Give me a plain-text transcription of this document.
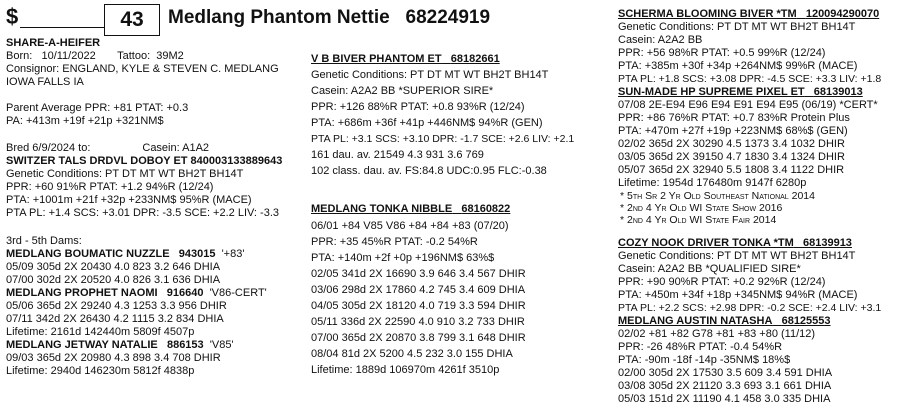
$	43	Medlang Phantom Nettie 68224919
SHARE-A-HEIFER
Born: 10/11/2022 Tattoo: 39M2
Consignor: ENGLAND, KYLE & STEVEN C. MEDLANG
IOWA FALLS IA
Parent Average PPR: +81 PTAT: +0.3
PA: +413m +19f +21p +321NM$
Bred 6/9/2024 to:	Casein: A1A2
SWITZER TALS DRDVL DOBOY ET 840003133889643
Genetic Conditions: PT DT MT WT BH2T BH14T
PPR: +60 91%R PTAT: +1.2 94%R (12/24)
PTA: +1001m +21f +32p +233NM$ 95%R (MACE)
PTA PL: +1.4 SCS: +3.01 DPR: -3.5 SCE: +2.2 LIV: -3.3
3rd - 5th Dams:
MEDLANG BOUMATIC NUZZLE 943015 '+83'
05/09 305d 2X 20430 4.0 823 3.2 646 DHIA
07/00 302d 2X 20520 4.0 826 3.1 636 DHIA
MEDLANG PROPHET NAOMI 916640 'V86-CERT'
05/06 365d 2X 29240 4.3 1253 3.3 956 DHIR
07/11 342d 2X 26430 4.2 1115 3.2 834 DHIA
Lifetime: 2161d 142440m 5809f 4507p
MEDLANG JETWAY NATALIE 886153 'V85'
09/03 365d 2X 20980 4.3 898 3.4 708 DHIR
Lifetime: 2940d 146230m 5812f 4838p
V B BIVER PHANTOM ET 68182661
Genetic Conditions: PT DT MT WT BH2T BH14T
Casein: A2A2 BB *SUPERIOR SIRE*
PPR: +126 88%R PTAT: +0.8 93%R (12/24)
PTA: +686m +36f +41p +446NM$ 94%R (GEN)
PTA PL: +3.1 SCS: +3.10 DPR: -1.7 SCE: +2.6 LIV: +2.1
161 dau. av. 21549 4.3 931 3.6 769
102 class. dau. av. FS:84.8 UDC:0.95 FLC:-0.38
MEDLANG TONKA NIBBLE 68160822
06/01 +84 V85 V86 +84 +84 +83 (07/20)
PPR: +35 45%R PTAT: -0.2 54%R
PTA: +140m +2f +0p +196NM$ 63%$
02/05 341d 2X 16690 3.9 646 3.4 567 DHIR
03/06 298d 2X 17860 4.2 745 3.4 609 DHIA
04/05 305d 2X 18120 4.0 719 3.3 594 DHIR
05/11 336d 2X 22590 4.0 910 3.2 733 DHIR
07/00 365d 2X 20870 3.8 799 3.1 648 DHIR
08/04 81d 2X 5200 4.5 232 3.0 155 DHIA
Lifetime: 1889d 106970m 4261f 3510p
SCHERMA BLOOMING BIVER *TM 120094290070
Genetic Conditions: PT DT MT WT BH2T BH14T
Casein: A2A2 BB
PPR: +56 98%R PTAT: +0.5 99%R (12/24)
PTA: +385m +30f +34p +264NM$ 99%R (MACE)
PTA PL: +1.8 SCS: +3.08 DPR: -4.5 SCE: +3.3 LIV: +1.8
SUN-MADE HP SUPREME PIXEL ET 68139013
07/08 2E-E94 E96 E94 E91 E94 E95 (06/19) *CERT*
PPR: +86 76%R PTAT: +0.7 83%R Protein Plus
PTA: +470m +27f +19p +223NM$ 68%$ (GEN)
02/02 365d 2X 30290 4.5 1373 3.4 1032 DHIR
03/05 365d 2X 39150 4.7 1830 3.4 1324 DHIR
05/07 365d 2X 32940 5.5 1808 3.4 1122 DHIR
Lifetime: 1954d 176480m 9147f 6280p
* 5th Sr 2 Yr Old Southeast National 2014
* 2nd 4 Yr Old WI State Show 2016
* 2nd 4 Yr Old WI State Fair 2014
COZY NOOK DRIVER TONKA *TM 68139913
Genetic Conditions: PT DT MT WT BH2T BH14T
Casein: A2A2 BB *QUALIFIED SIRE*
PPR: +90 90%R PTAT: +0.2 92%R (12/24)
PTA: +450m +34f +18p +345NM$ 94%R (MACE)
PTA PL: +2.2 SCS: +2.98 DPR: -0.2 SCE: +2.4 LIV: +3.1
MEDLANG AUSTIN NATASHA 68125553
02/02 +81 +82 G78 +81 +83 +80 (11/12)
PPR: -26 48%R PTAT: -0.4 54%R
PTA: -90m -18f -14p -35NM$ 18%$
02/00 305d 2X 17530 3.5 609 3.4 591 DHIA
03/08 305d 2X 21120 3.3 693 3.1 661 DHIA
05/03 151d 2X 11190 4.1 458 3.0 335 DHIA
